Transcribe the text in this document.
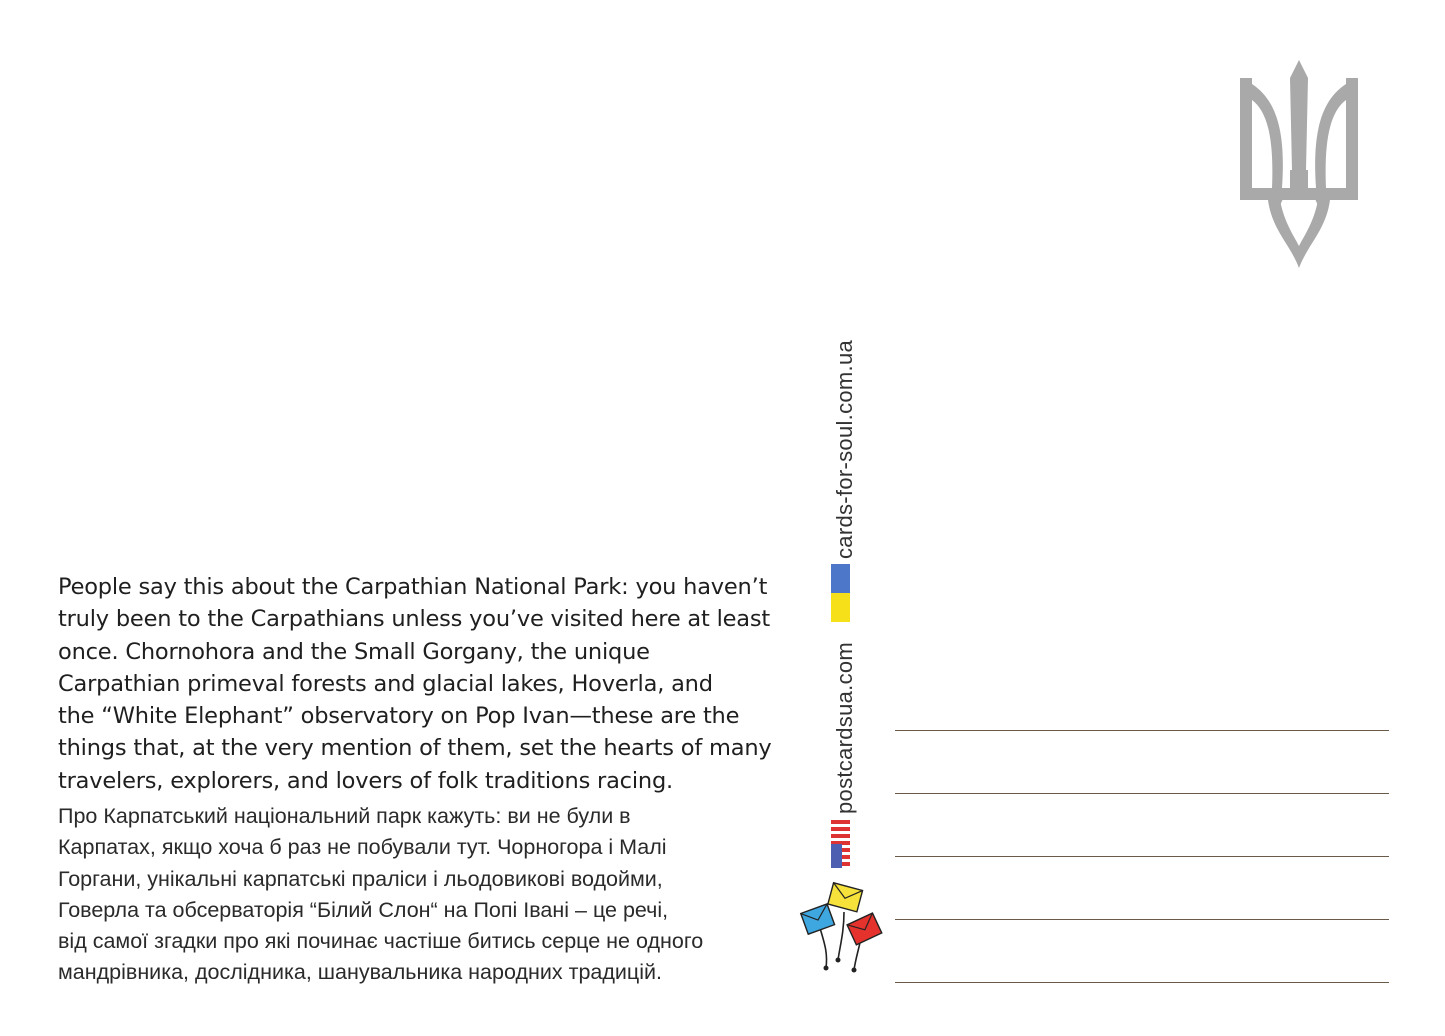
People say this about the Carpathian National Park: you haven’t
truly been to the Carpathians unless you’ve visited here at least
once. Chornohora and the Small Gorgany, the unique
Carpathian primeval forests and glacial lakes, Hoverla, and
the “White Elephant” observatory on Pop Ivan—these are the
things that, at the very mention of them, set the hearts of many
travelers, explorers, and lovers of folk traditions racing.

Про Карпатський національний парк кажуть: ви не були в
Карпатах, якщо хоча б раз не побували тут. Чорногора і Малі
Горгани, унікальні карпатські праліси і льодовикові водойми,
Говерла та обсерваторія “Білий Слон“ на Попі Івані – це речі,
від самої згадки про які починає частіше битись серце не одного
мандрівника, дослідника, шанувальника народних традицій.

cards-for-soul.com.ua
postcardsua.com
